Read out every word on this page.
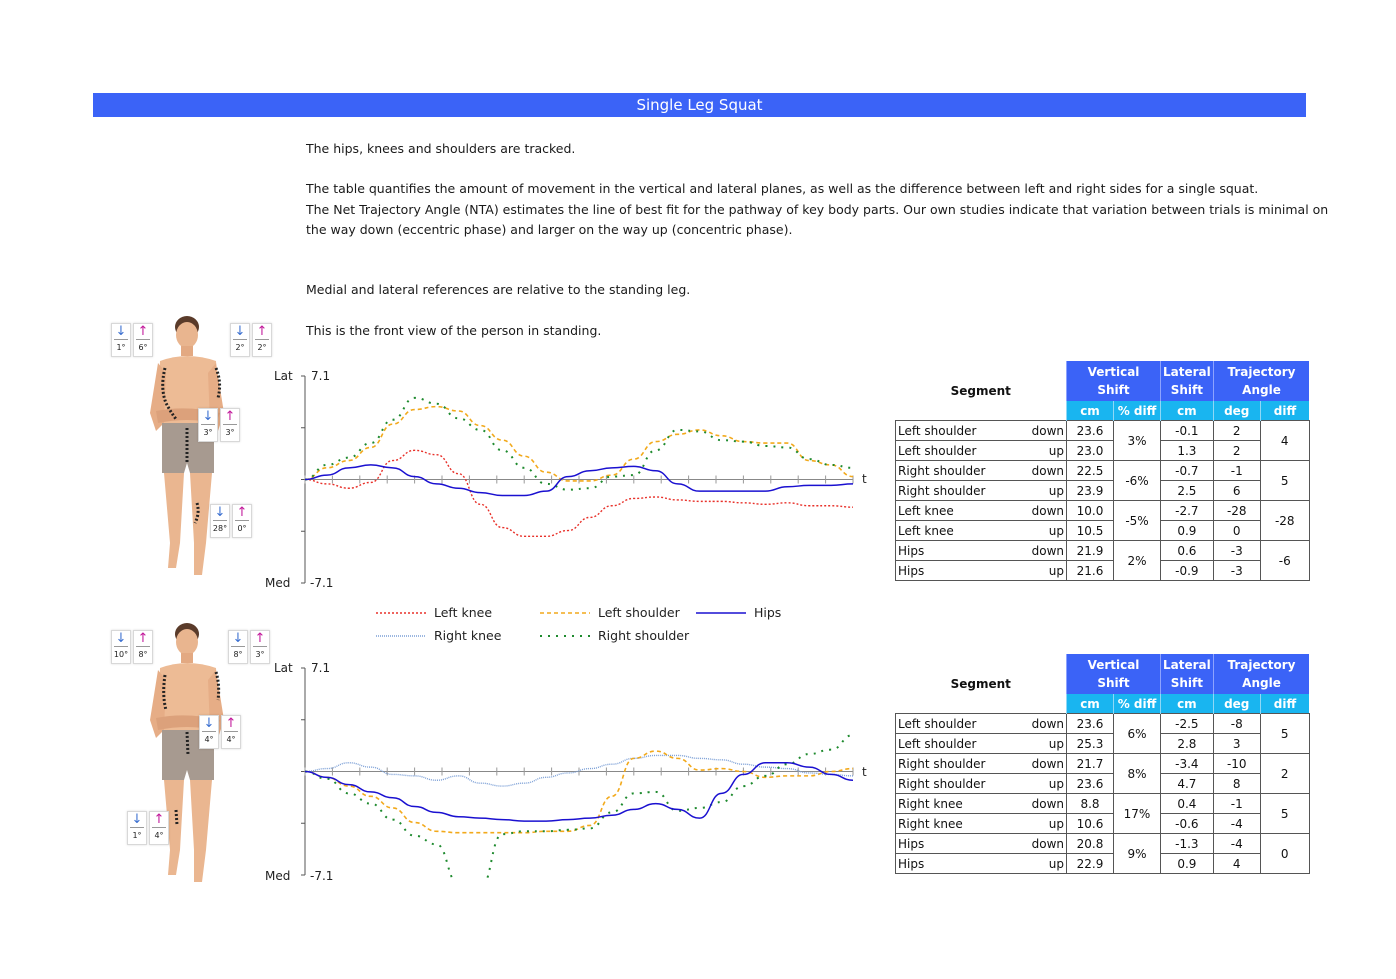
Single Leg Squat
The hips, knees and shoulders are tracked.
The table quantifies the amount of movement in the vertical and lateral planes, as well as the difference between left and right sides for a single squat.
The Net Trajectory Angle (NTA) estimates the line of best fit for the pathway of key body parts. Our own studies indicate that variation between trials is minimal on
the way down (eccentric phase) and larger on the way up (concentric phase).
Medial and lateral references are relative to the standing leg.
This is the front view of the person in standing.
↓
1°
↑
6°
↓
2°
↑
2°
↓
3°
↑
3°
↓
28°
↑
0°
↓
10°
↑
8°
↓
8°
↑
3°
↓
4°
↑
4°
↓
1°
↑
4°
Lat 7.1
Med -7.1
t
Lat 7.1
Med -7.1
t
Left knee
Right knee
Left shoulder
Right shoulder
Hips
Segment		Vertical
Shift		Lateral
Shift	Trajectory
Angle	
		cm	% diff	cm	deg	diff
Left shoulder	down	23.6	3%	-0.1	2	4
Left shoulder	up	23.0		1.3	2	
Right shoulder	down	22.5	-6%	-0.7	-1	5
Right shoulder	up	23.9		2.5	6	
Left knee	down	10.0	-5%	-2.7	-28	-28
Left knee	up	10.5		0.9	0	
Hips	down	21.9	2%	0.6	-3	-6
Hips	up	21.6		-0.9	-3	
Segment		Vertical
Shift		Lateral
Shift	Trajectory
Angle	
		cm	% diff	cm	deg	diff
Left shoulder	down	23.6	6%	-2.5	-8	5
Left shoulder	up	25.3		2.8	3	
Right shoulder	down	21.7	8%	-3.4	-10	2
Right shoulder	up	23.6		4.7	8	
Right knee	down	8.8	17%	0.4	-1	5
Right knee	up	10.6		-0.6	-4	
Hips	down	20.8	9%	-1.3	-4	0
Hips	up	22.9		0.9	4	
